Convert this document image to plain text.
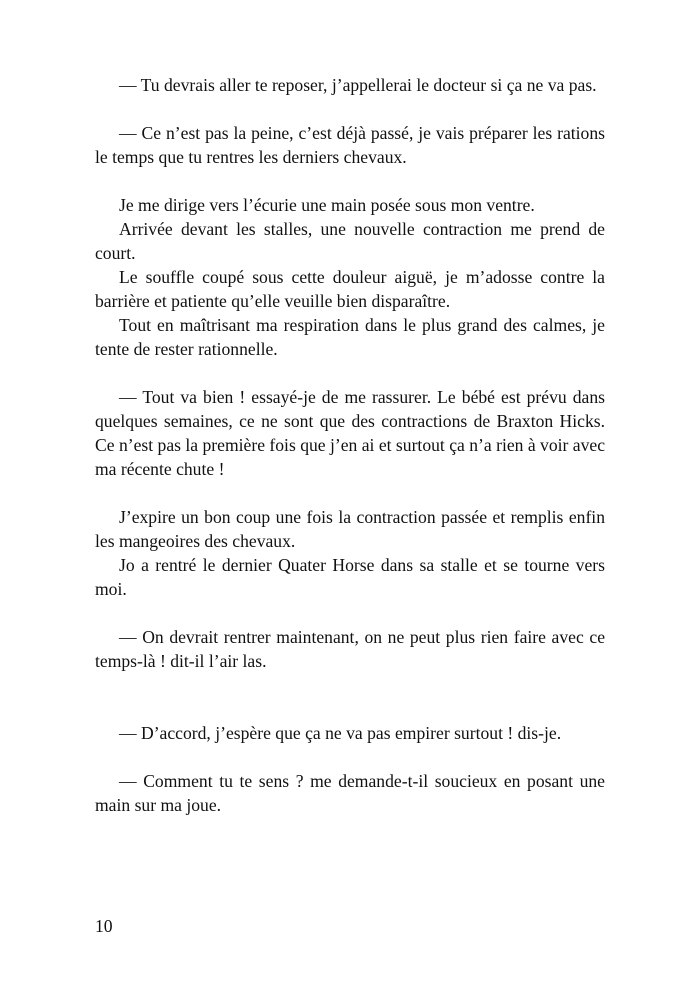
— Tu devrais aller te reposer, j’appellerai le docteur si ça ne va pas.

— Ce n’est pas la peine, c’est déjà passé, je vais préparer les rations le temps que tu rentres les derniers chevaux.

Je me dirige vers l’écurie une main posée sous mon ventre.

Arrivée devant les stalles, une nouvelle contraction me prend de court.

Le souffle coupé sous cette douleur aiguë, je m’adosse contre la barrière et patiente qu’elle veuille bien disparaître.

Tout en maîtrisant ma respiration dans le plus grand des calmes, je tente de rester rationnelle.

— Tout va bien ! essayé-je de me rassurer. Le bébé est prévu dans quelques semaines, ce ne sont que des contractions de Braxton Hicks. Ce n’est pas la première fois que j’en ai et surtout ça n’a rien à voir avec ma récente chute !

J’expire un bon coup une fois la contraction passée et remplis enfin les mangeoires des chevaux.

Jo a rentré le dernier Quater Horse dans sa stalle et se tourne vers moi.

— On devrait rentrer maintenant, on ne peut plus rien faire avec ce temps-là ! dit-il l’air las.

— D’accord, j’espère que ça ne va pas empirer surtout ! dis-je.

— Comment tu te sens ? me demande-t-il soucieux en posant une main sur ma joue.

10
